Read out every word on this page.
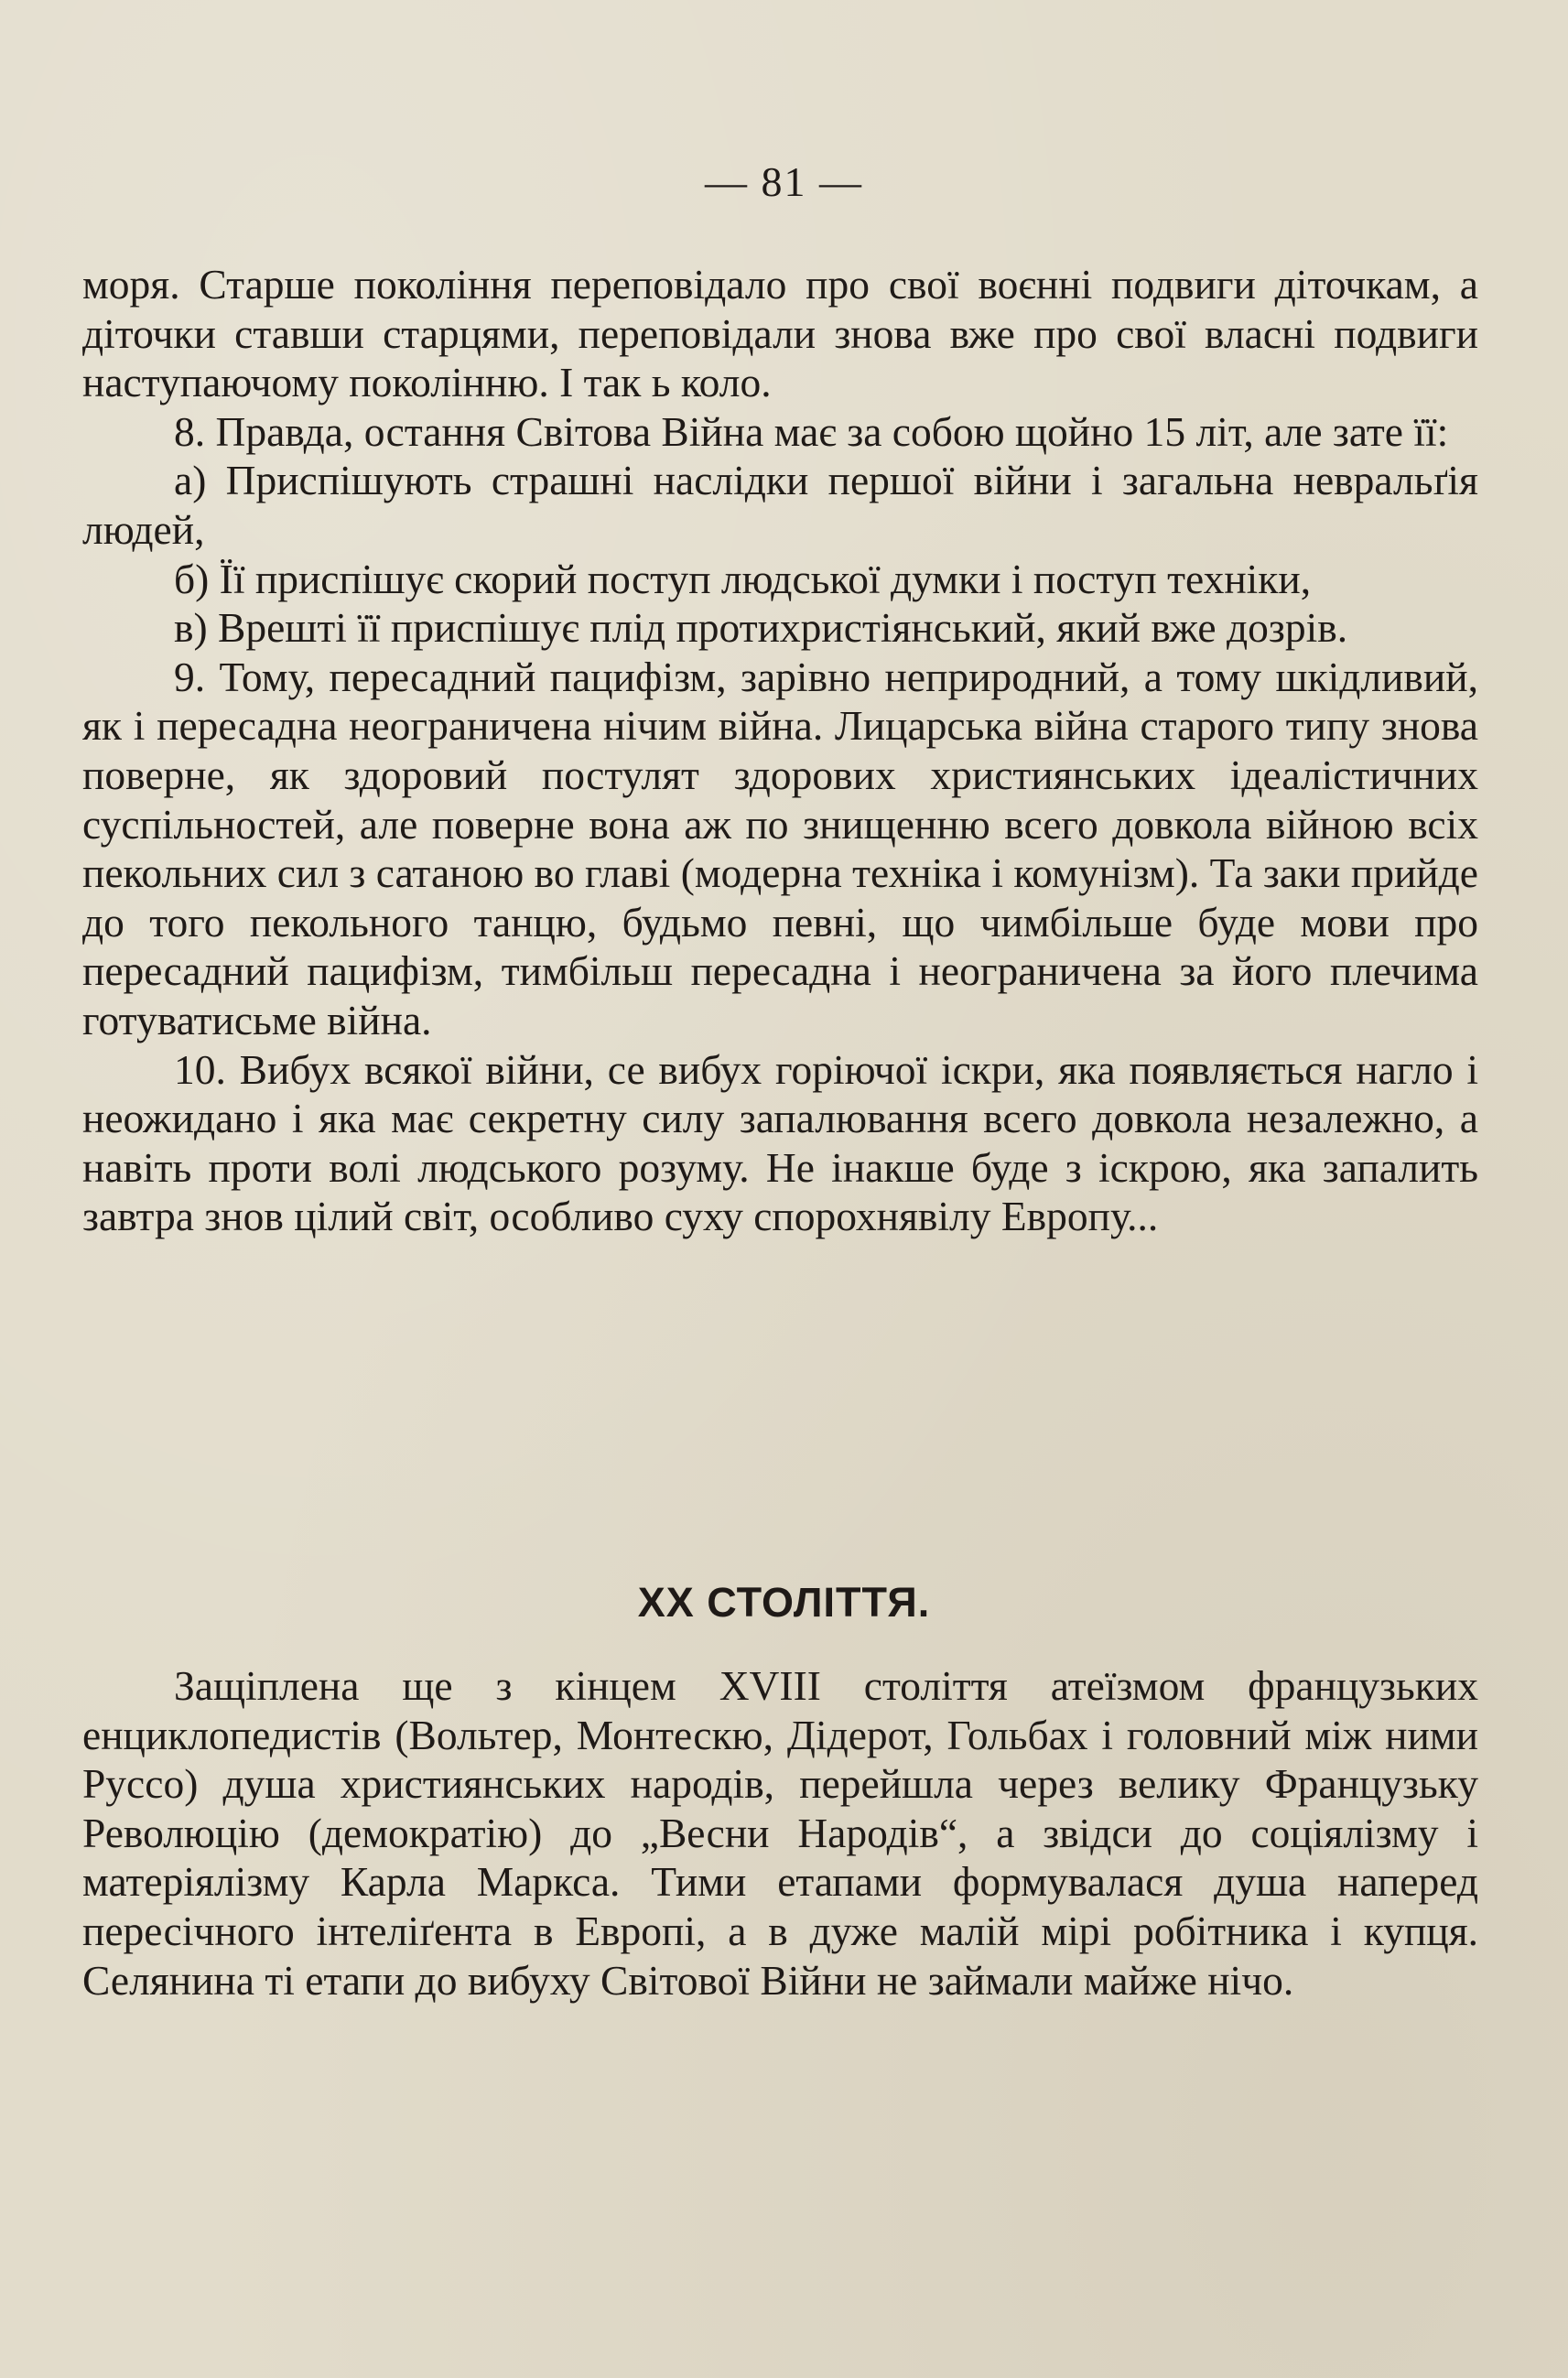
— 81 —

моря. Старше покоління переповідало про свої воєнні подвиги діточкам, а діточки ставши старцями, переповідали знова вже про свої власні подвиги наступаючому поколінню. І так ь коло.

8. Правда, остання Світова Війна має за собою щойно 15 літ, але зате її:

а) Приспішують страшні наслідки першої війни і загальна невральґія людей,

б) Її приспішує скорий поступ людської думки і поступ техніки,

в) Врешті її приспішує плід протихристіянський, який вже дозрів.

9. Тому, пересадний пацифізм, зарівно неприродний, а тому шкідливий, як і пересадна неограничена нічим війна. Лицарська війна старого типу знова поверне, як здоровий постулят здорових християнських ідеалістичних суспільностей, але поверне вона аж по знищенню всего довкола війною всіх пекольних сил з сатаною во главі (модерна техніка і комунізм). Та заки прийде до того пекольного танцю, будьмо певні, що чимбільше буде мови про пересадний пацифізм, тимбільш пересадна і неограничена за його плечима готуватисьме війна.

10. Вибух всякої війни, се вибух горіючої іскри, яка появляється нагло і неожидано і яка має секретну силу запалювання всего довкола незалежно, а навіть проти волі людського розуму. Не інакше буде з іскрою, яка запалить завтра знов цілий світ, особливо суху спорохнявілу Европу...

XX СТОЛІТТЯ.

Защіплена ще з кінцем XVIII століття атеїзмом французьких енциклопедистів (Вольтер, Монтескю, Дідерот, Гольбах і головний між ними Руссо) душа християнських народів, перейшла через велику Французьку Революцію (демократію) до „Весни Народів“, а звідси до соціялізму і матеріялізму Карла Маркса. Тими етапами формувалася душа наперед пересічного інтеліґента в Европі, а в дуже малій мірі робітника і купця. Селянина ті етапи до вибуху Світової Війни не займали майже нічо.
